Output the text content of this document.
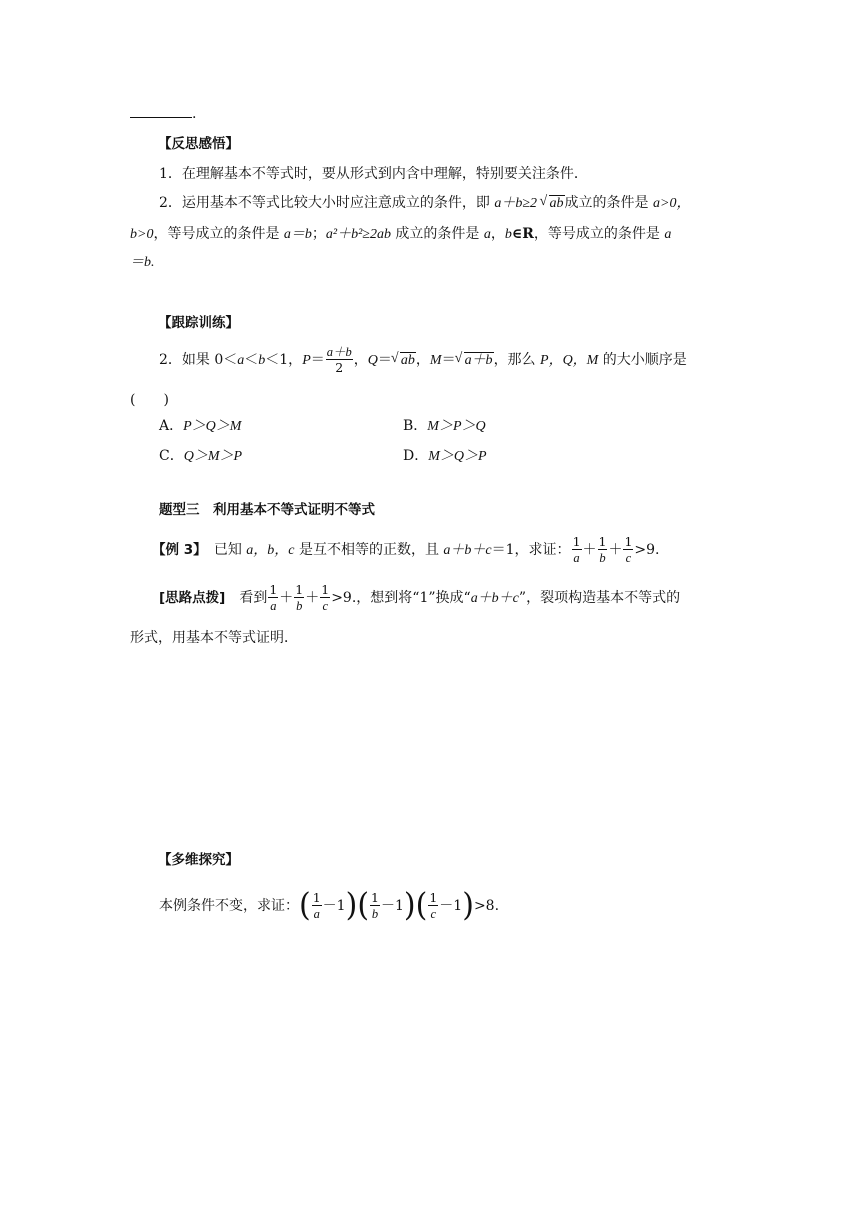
.
【反思感悟】
1．在理解基本不等式时，要从形式到内含中理解，特别要关注条件．
2．运用基本不等式比较大小时应注意成立的条件，即 a＋b≥2 √ ab成立的条件是 a>0，
b>0，等号成立的条件是 a＝b；a²＋b²≥2ab 成立的条件是 a，b∈R，等号成立的条件是 a
＝b.
【跟踪训练】
2．如果 0＜a＜b＜1，$P= \frac{a+b}{2}$ ，Q＝ √ ab，M＝ √ a＋b，那么 P，Q，M 的大小顺序是
(　　)
A．P＞Q＞M	B．M＞P＞Q
C．Q＞M＞P	D．M＞Q＞P
题型三　利用基本不等式证明不等式
【例 3】　已知 a，b，c 是互不相等的正数，且 a＋b＋c＝1，求证： $\frac{1}{a} + \frac{1}{b} + \frac{1}{c} >9$.
[思路点拨]　看到 $\frac{1}{a} + \frac{1}{b} + \frac{1}{c} >9$.，想到将“1”换成“a＋b＋c”，裂项构造基本不等式的
形式，用基本不等式证明．
【多维探究】
本例条件不变，求证：( $\frac{1}{a} -1)( \frac{1}{b} -1)( \frac{1}{c} -1)>8$.
